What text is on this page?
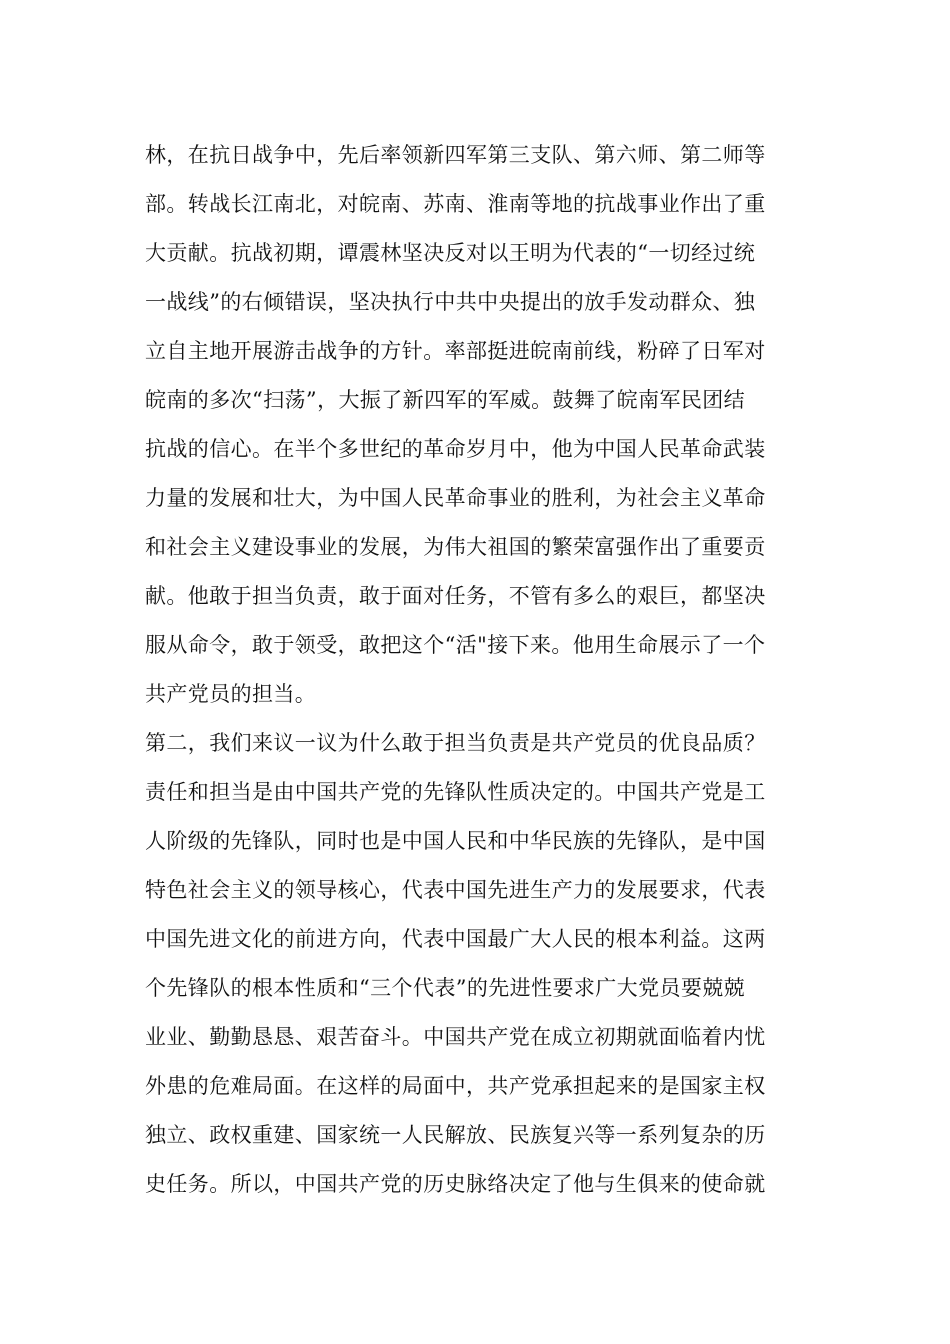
林，在抗日战争中，先后率领新四军第三支队、第六师、第二师等
部。转战长江南北，对皖南、苏南、淮南等地的抗战事业作出了重
大贡献。抗战初期，谭震林坚决反对以王明为代表的“一切经过统
一战线”的右倾错误，坚决执行中共中央提出的放手发动群众、独
立自主地开展游击战争的方针。率部挺进皖南前线，粉碎了日军对
皖南的多次“扫荡”，大振了新四军的军威。鼓舞了皖南军民团结
抗战的信心。在半个多世纪的革命岁月中，他为中国人民革命武装
力量的发展和壮大，为中国人民革命事业的胜利，为社会主义革命
和社会主义建设事业的发展，为伟大祖国的繁荣富强作出了重要贡
献。他敢于担当负责，敢于面对任务，不管有多么的艰巨，都坚决
服从命令，敢于领受，敢把这个“活"接下来。他用生命展示了一个
共产党员的担当。
第二，我们来议一议为什么敢于担当负责是共产党员的优良品质？
责任和担当是由中国共产党的先锋队性质决定的。中国共产党是工
人阶级的先锋队，同时也是中国人民和中华民族的先锋队，是中国
特色社会主义的领导核心，代表中国先进生产力的发展要求，代表
中国先进文化的前进方向，代表中国最广大人民的根本利益。这两
个先锋队的根本性质和“三个代表”的先进性要求广大党员要兢兢
业业、勤勤恳恳、艰苦奋斗。中国共产党在成立初期就面临着内忧
外患的危难局面。在这样的局面中，共产党承担起来的是国家主权
独立、政权重建、国家统一人民解放、民族复兴等一系列复杂的历
史任务。所以，中国共产党的历史脉络决定了他与生俱来的使命就
